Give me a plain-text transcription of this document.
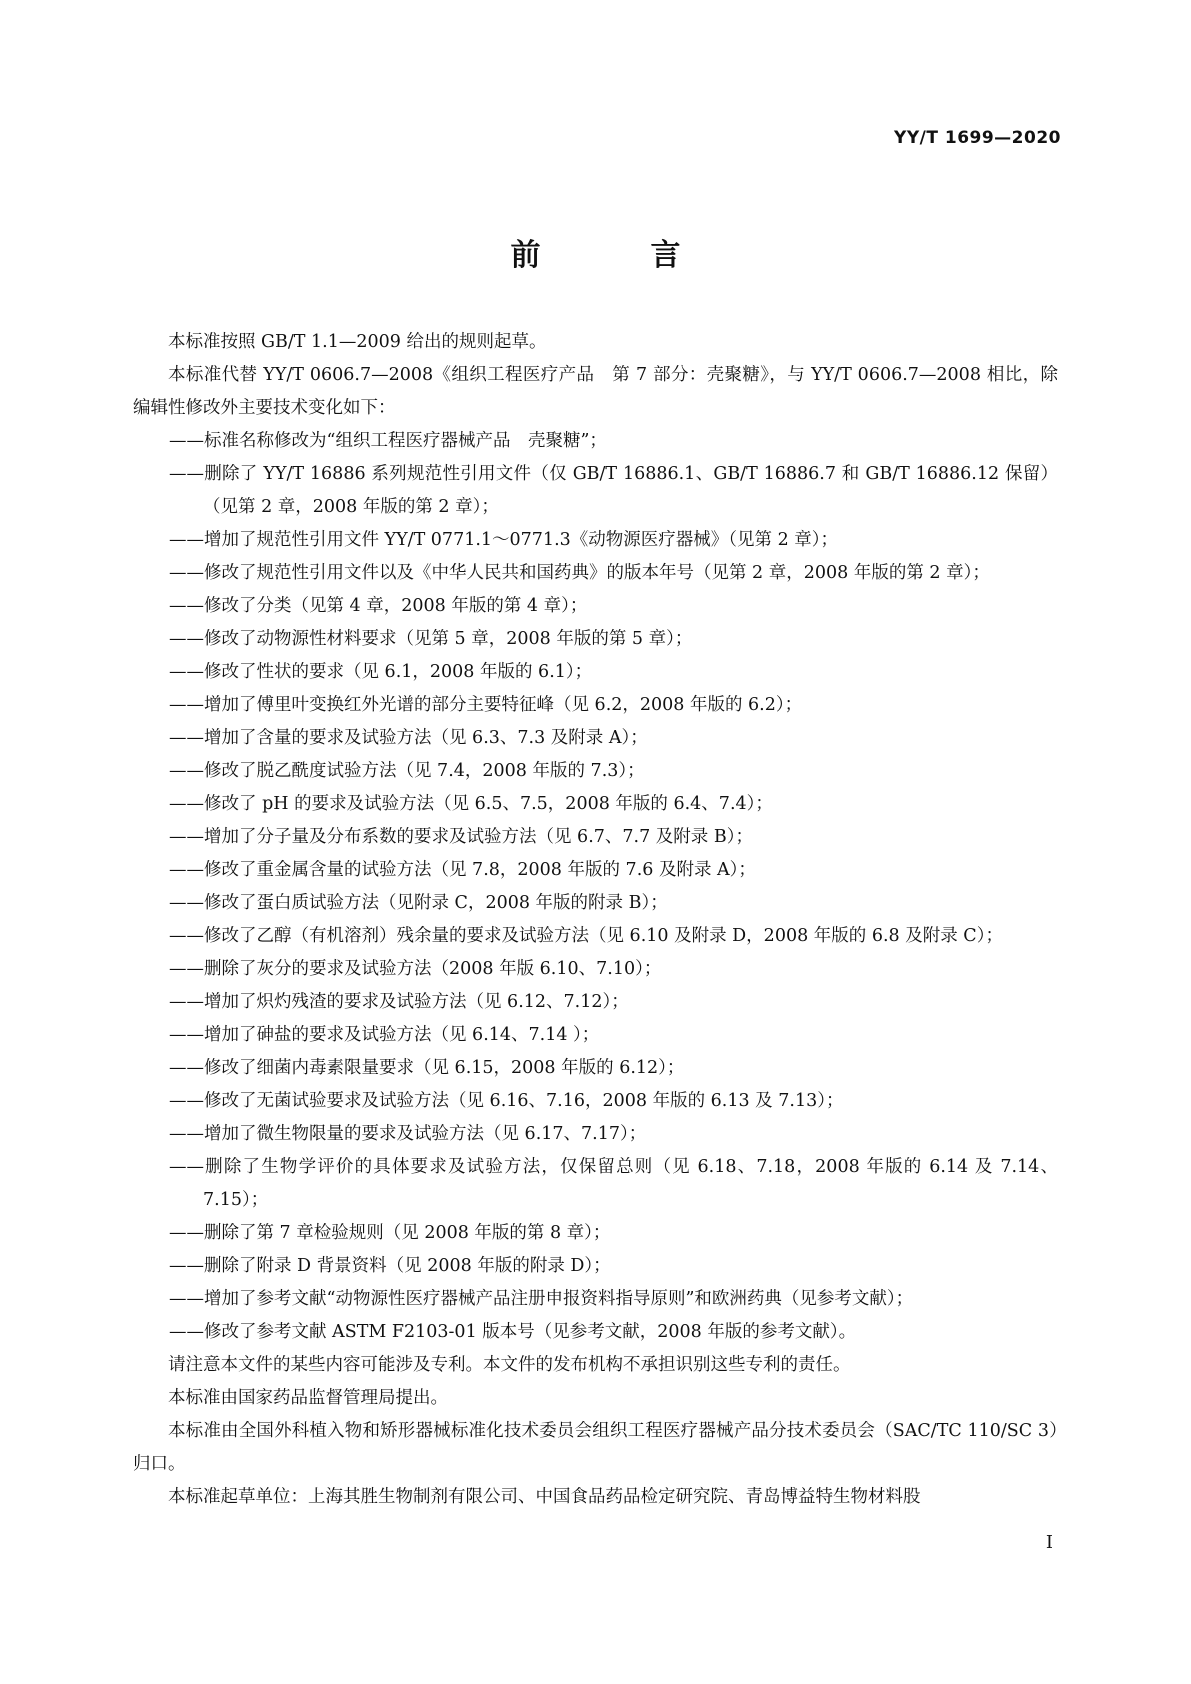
YY/T 1699—2020
前　言

本标准按照 GB/T 1.1—2009 给出的规则起草。

本标准代替 YY/T 0606.7—2008《组织工程医疗产品　第 7 部分：壳聚糖》，与 YY/T 0606.7—2008 相比，除编辑性修改外主要技术变化如下：

——标准名称修改为“组织工程医疗器械产品　壳聚糖”；

——删除了 YY/T 16886 系列规范性引用文件（仅 GB/T 16886.1、GB/T 16886.7 和 GB/T 16886.12 保留）（见第 2 章，2008 年版的第 2 章）；

——增加了规范性引用文件 YY/T 0771.1～0771.3《动物源医疗器械》（见第 2 章）；

——修改了规范性引用文件以及《中华人民共和国药典》的版本年号（见第 2 章，2008 年版的第 2 章）；

——修改了分类（见第 4 章，2008 年版的第 4 章）；

——修改了动物源性材料要求（见第 5 章，2008 年版的第 5 章）；

——修改了性状的要求（见 6.1，2008 年版的 6.1）；

——增加了傅里叶变换红外光谱的部分主要特征峰（见 6.2，2008 年版的 6.2）；

——增加了含量的要求及试验方法（见 6.3、7.3 及附录 A）；

——修改了脱乙酰度试验方法（见 7.4，2008 年版的 7.3）；

——修改了 pH 的要求及试验方法（见 6.5、7.5，2008 年版的 6.4、7.4）；

——增加了分子量及分布系数的要求及试验方法（见 6.7、7.7 及附录 B）；

——修改了重金属含量的试验方法（见 7.8，2008 年版的 7.6 及附录 A）；

——修改了蛋白质试验方法（见附录 C，2008 年版的附录 B）；

——修改了乙醇（有机溶剂）残余量的要求及试验方法（见 6.10 及附录 D，2008 年版的 6.8 及附录 C）；

——删除了灰分的要求及试验方法（2008 年版 6.10、7.10）；

——增加了炽灼残渣的要求及试验方法（见 6.12、7.12）；

——增加了砷盐的要求及试验方法（见 6.14、7.14 ）；

——修改了细菌内毒素限量要求（见 6.15，2008 年版的 6.12）；

——修改了无菌试验要求及试验方法（见 6.16、7.16，2008 年版的 6.13 及 7.13）；

——增加了微生物限量的要求及试验方法（见 6.17、7.17）；

——删除了生物学评价的具体要求及试验方法，仅保留总则（见 6.18、7.18，2008 年版的 6.14 及 7.14、7.15）；

——删除了第 7 章检验规则（见 2008 年版的第 8 章）；

——删除了附录 D 背景资料（见 2008 年版的附录 D）；

——增加了参考文献“动物源性医疗器械产品注册申报资料指导原则”和欧洲药典（见参考文献）；

——修改了参考文献 ASTM F2103-01 版本号（见参考文献，2008 年版的参考文献）。

请注意本文件的某些内容可能涉及专利。本文件的发布机构不承担识别这些专利的责任。

本标准由国家药品监督管理局提出。

本标准由全国外科植入物和矫形器械标准化技术委员会组织工程医疗器械产品分技术委员会（SAC/TC 110/SC 3）归口。

本标准起草单位：上海其胜生物制剂有限公司、中国食品药品检定研究院、青岛博益特生物材料股

I
